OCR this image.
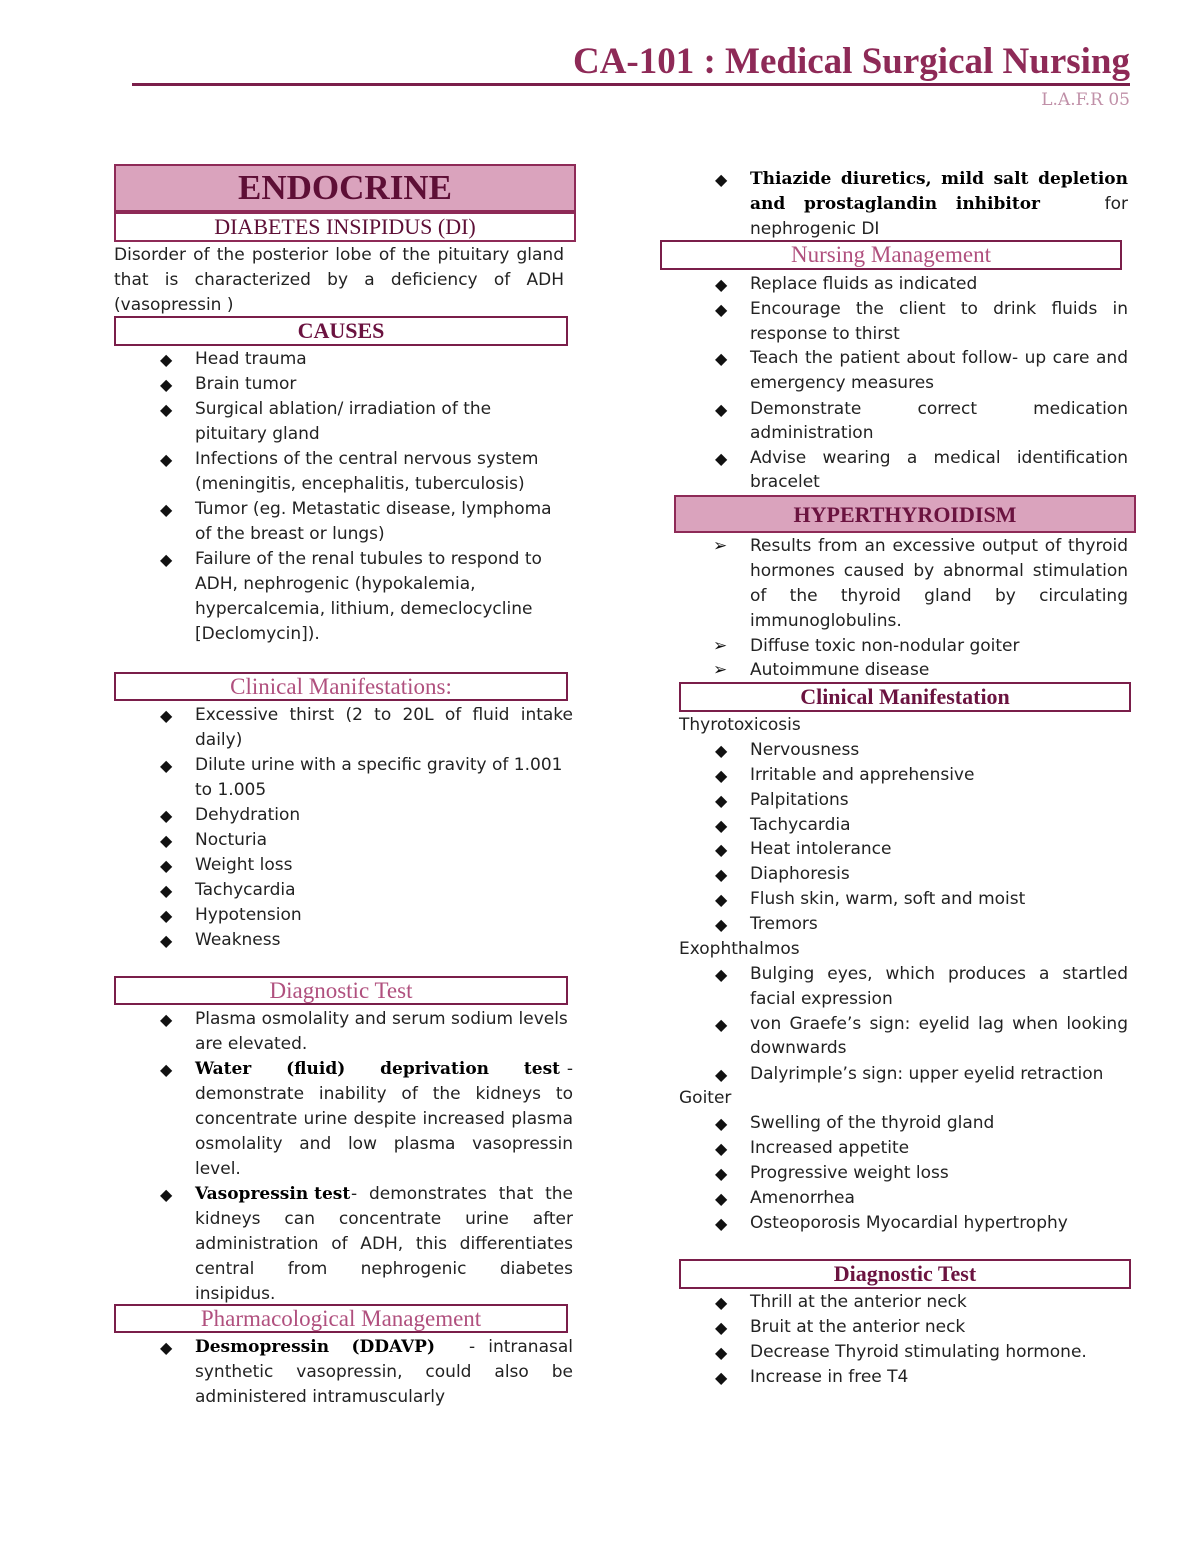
CA-101 : Medical Surgical Nursing
L.A.F.R 05
ENDOCRINE
DIABETES INSIPIDUS (DI)
Disorder of the posterior lobe of the pituitary gland that is characterized by a deficiency of ADH (vasopressin )
CAUSES
◆ Head trauma
◆ Brain tumor
◆ Surgical ablation/ irradiation of the
pituitary gland
◆ Infections of the central nervous system
(meningitis, encephalitis, tuberculosis)
◆ Tumor (eg. Metastatic disease, lymphoma
of the breast or lungs)
◆ Failure of the renal tubules to respond to
ADH, nephrogenic (hypokalemia,
hypercalcemia, lithium, demeclocycline
[Declomycin]).
Clinical Manifestations:
◆ Excessive thirst (2 to 20L of fluid intake
daily)
◆ Dilute urine with a specific gravity of 1.001
to 1.005
◆ Dehydration
◆ Nocturia
◆ Weight loss
◆ Tachycardia
◆ Hypotension
◆ Weakness
Diagnostic Test
◆ Plasma osmolality and serum sodium levels
are elevated.
◆ Water (fluid) deprivation test -
demonstrate inability of the kidneys to
concentrate urine despite increased plasma
osmolality and low plasma vasopressin
level.
◆ Vasopressin test - demonstrates that the
kidneys can concentrate urine after
administration of ADH, this differentiates
central from nephrogenic diabetes
insipidus.
Pharmacological Management
◆ Desmopressin (DDAVP) - intranasal
synthetic vasopressin, could also be
administered intramuscularly
◆ Thiazide diuretics, mild salt depletion
and prostaglandin inhibitor	for
nephrogenic DI
Nursing Management
◆ Replace fluids as indicated
◆ Encourage the client to drink fluids in
response to thirst
◆ Teach the patient about follow- up care and
emergency measures
◆ Demonstrate correct medication
administration
◆ Advise wearing a medical identification
bracelet
HYPERTHYROIDISM
➢ Results from an excessive output of thyroid
hormones caused by abnormal stimulation
of the thyroid gland by circulating
immunoglobulins.
➢ Diffuse toxic non-nodular goiter
➢ Autoimmune disease
Clinical Manifestation
Thyrotoxicosis
◆ Nervousness
◆ Irritable and apprehensive
◆ Palpitations
◆ Tachycardia
◆ Heat intolerance
◆ Diaphoresis
◆ Flush skin, warm, soft and moist
◆ Tremors
Exophthalmos
◆ Bulging eyes, which produces a startled
facial expression
◆ von Graefe’s sign: eyelid lag when looking
downwards
◆ Dalyrimple’s sign: upper eyelid retraction
Goiter
◆ Swelling of the thyroid gland
◆ Increased appetite
◆ Progressive weight loss
◆ Amenorrhea
◆ Osteoporosis Myocardial hypertrophy
Diagnostic Test
◆ Thrill at the anterior neck
◆ Bruit at the anterior neck
◆ Decrease Thyroid stimulating hormone.
◆ Increase in free T4
